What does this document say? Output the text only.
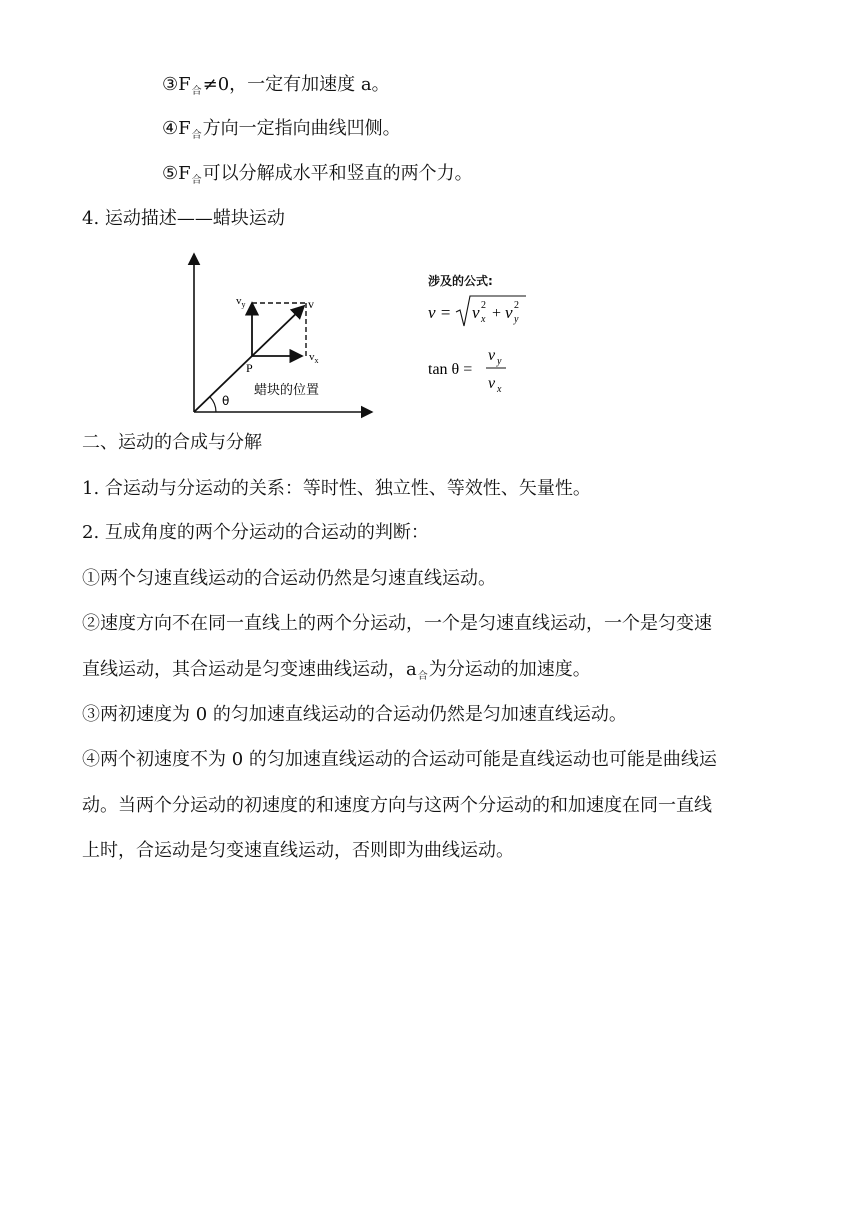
$③F_合\ne 0$，一定有加速度 a。
$④F_合$方向一定指向曲线凹侧。
$⑤F_合$可以分解成水平和竖直的两个力。
4. 运动描述——蜡块运动
$v_y$	v
$v_x$
P
θ
蜡块的位置
涉及的公式:
v = v 2
x + v 2
y
tan θ =
v y
v x
二、运动的合成与分解
1. 合运动与分运动的关系：等时性、独立性、等效性、矢量性。
2. 互成角度的两个分运动的合运动的判断：
①两个匀速直线运动的合运动仍然是匀速直线运动。
②速度方向不在同一直线上的两个分运动，一个是匀速直线运动，一个是匀变速
直线运动，其合运动是匀变速曲线运动，$a_合$为分运动的加速度。
③两初速度为 0 的匀加速直线运动的合运动仍然是匀加速直线运动。
④两个初速度不为 0 的匀加速直线运动的合运动可能是直线运动也可能是曲线运
动。当两个分运动的初速度的和速度方向与这两个分运动的和加速度在同一直线
上时，合运动是匀变速直线运动，否则即为曲线运动。
